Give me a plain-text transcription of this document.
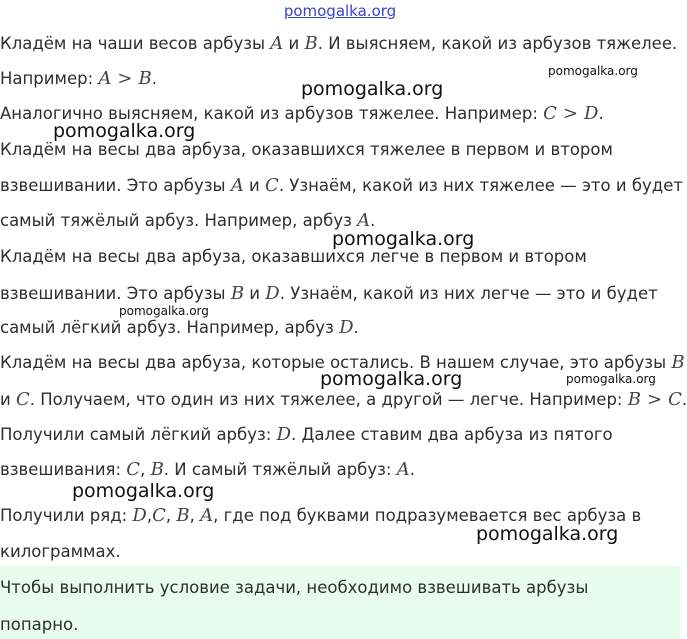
pomogalka.org
Кладём на чаши весов арбузы A и B. И выясняем, какой из арбузов тяжелее.
Например: A > B.
Аналогично выясняем, какой из арбузов тяжелее. Например: C > D.
Кладём на весы два арбуза, оказавшихся тяжелее в первом и втором
взвешивании. Это арбузы A и C. Узнаём, какой из них тяжелее — это и будет
самый тяжёлый арбуз. Например, арбуз A.
Кладём на весы два арбуза, оказавшихся легче в первом и втором
взвешивании. Это арбузы B и D. Узнаём, какой из них легче — это и будет
самый лёгкий арбуз. Например, арбуз D.
Кладём на весы два арбуза, которые остались. В нашем случае, это арбузы B
и C. Получаем, что один из них тяжелее, а другой — легче. Например: B > C.
Получили самый лёгкий арбуз: D. Далее ставим два арбуза из пятого
взвешивания: C, B. И самый тяжёлый арбуз: A.
Получили ряд: D,C, B, A, где под буквами подразумевается вес арбуза в
килограммах.
Чтобы выполнить условие задачи, необходимо взвешивать арбузы
попарно.
pomogalka.org
pomogalka.org
pomogalka.org
pomogalka.org
pomogalka.org
pomogalka.org	pomogalka.org
pomogalka.org
pomogalka.org
